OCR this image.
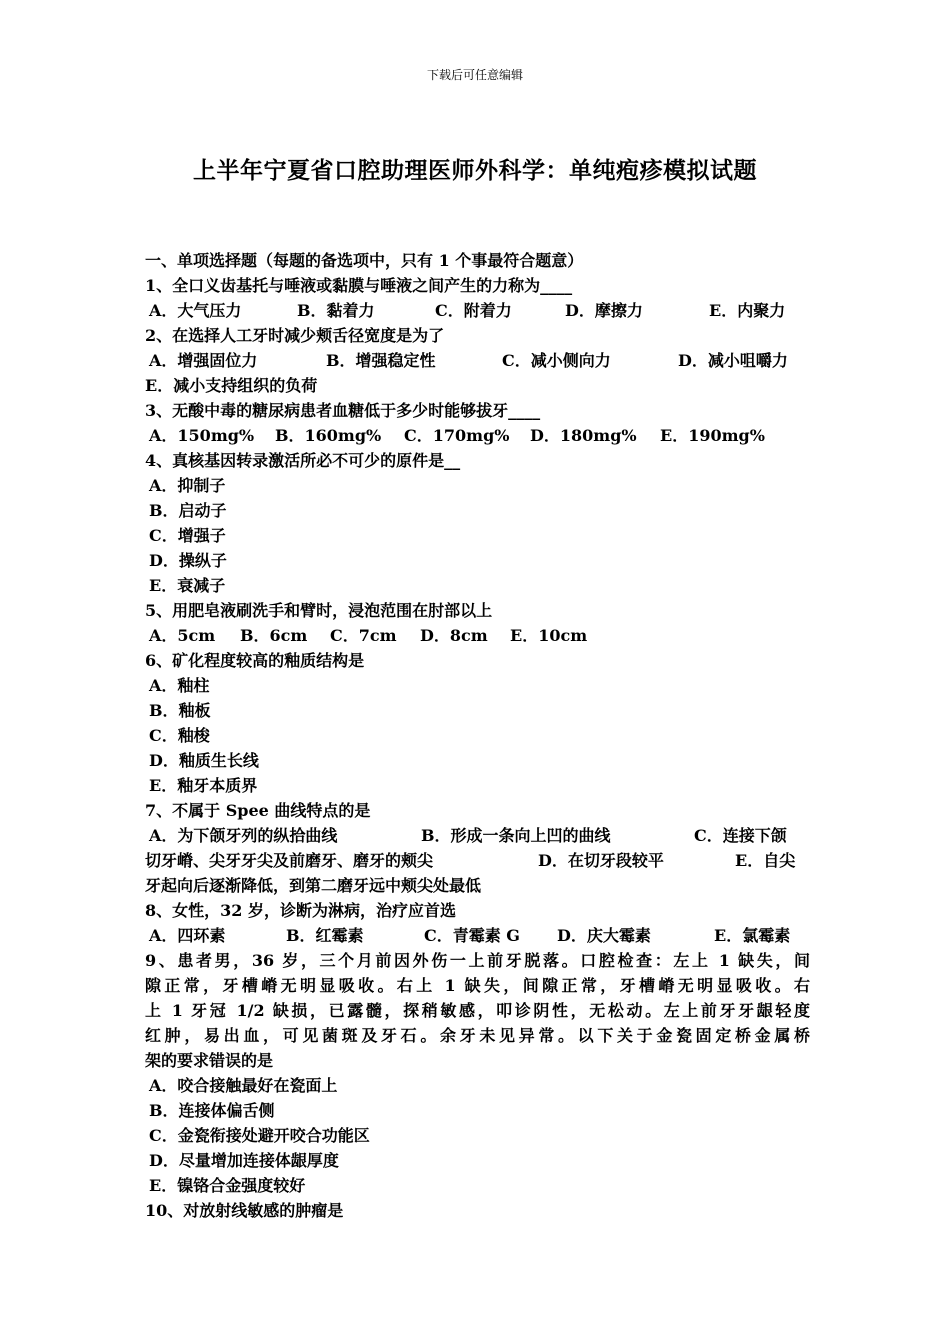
下载后可任意编辑
上半年宁夏省口腔助理医师外科学：单纯疱疹模拟试题
一、单项选择题（每题的备选项中，只有 1 个事最符合题意）
1、全口义齿基托与唾液或黏膜与唾液之间产生的力称为____
A．大气压力	B．黏着力	C．附着力	D．摩擦力	E．内聚力
2、在选择人工牙时减少颊舌径宽度是为了
A．增强固位力	B．增强稳定性	C．减小侧向力	D．减小咀嚼力
E．减小支持组织的负荷
3、无酸中毒的糖尿病患者血糖低于多少时能够拔牙____
A．150mg%	B．160mg%	C．170mg%	D．180mg%	E．190mg%
4、真核基因转录激活所必不可少的原件是__
A．抑制子
B．启动子
C．增强子
D．操纵子
E．衰减子
5、用肥皂液刷洗手和臂时，浸泡范围在肘部以上
A．5cm	B．6cm	C．7cm	D．8cm	E．10cm
6、矿化程度较高的釉质结构是
A．釉柱
B．釉板
C．釉梭
D．釉质生长线
E．釉牙本质界
7、不属于 Spee 曲线特点的是
A．为下颌牙列的纵拾曲线	B．形成一条向上凹的曲线	C．连接下颌
切牙嵴、尖牙牙尖及前磨牙、磨牙的颊尖	D．在切牙段较平	E．自尖
牙起向后逐渐降低，到第二磨牙远中颊尖处最低
8、女性，32 岁，诊断为淋病，治疗应首选
A．四环素	B．红霉素	C．青霉素 G	D．庆大霉素	E．氯霉素
9、患者男，36 岁，三个月前因外伤一上前牙脱落。口腔检查：左上 1 缺失，间
隙正常，牙槽嵴无明显吸收。右上 1 缺失，间隙正常，牙槽嵴无明显吸收。右
上 1 牙冠 1/2 缺损，已露髓，探稍敏感，叩诊阴性，无松动。左上前牙牙龈轻度
红肿，易出血，可见菌斑及牙石。余牙未见异常。以下关于金瓷固定桥金属桥
架的要求错误的是
A．咬合接触最好在瓷面上
B．连接体偏舌侧
C．金瓷衔接处避开咬合功能区
D．尽量增加连接体龈厚度
E．镍铬合金强度较好
10、对放射线敏感的肿瘤是
